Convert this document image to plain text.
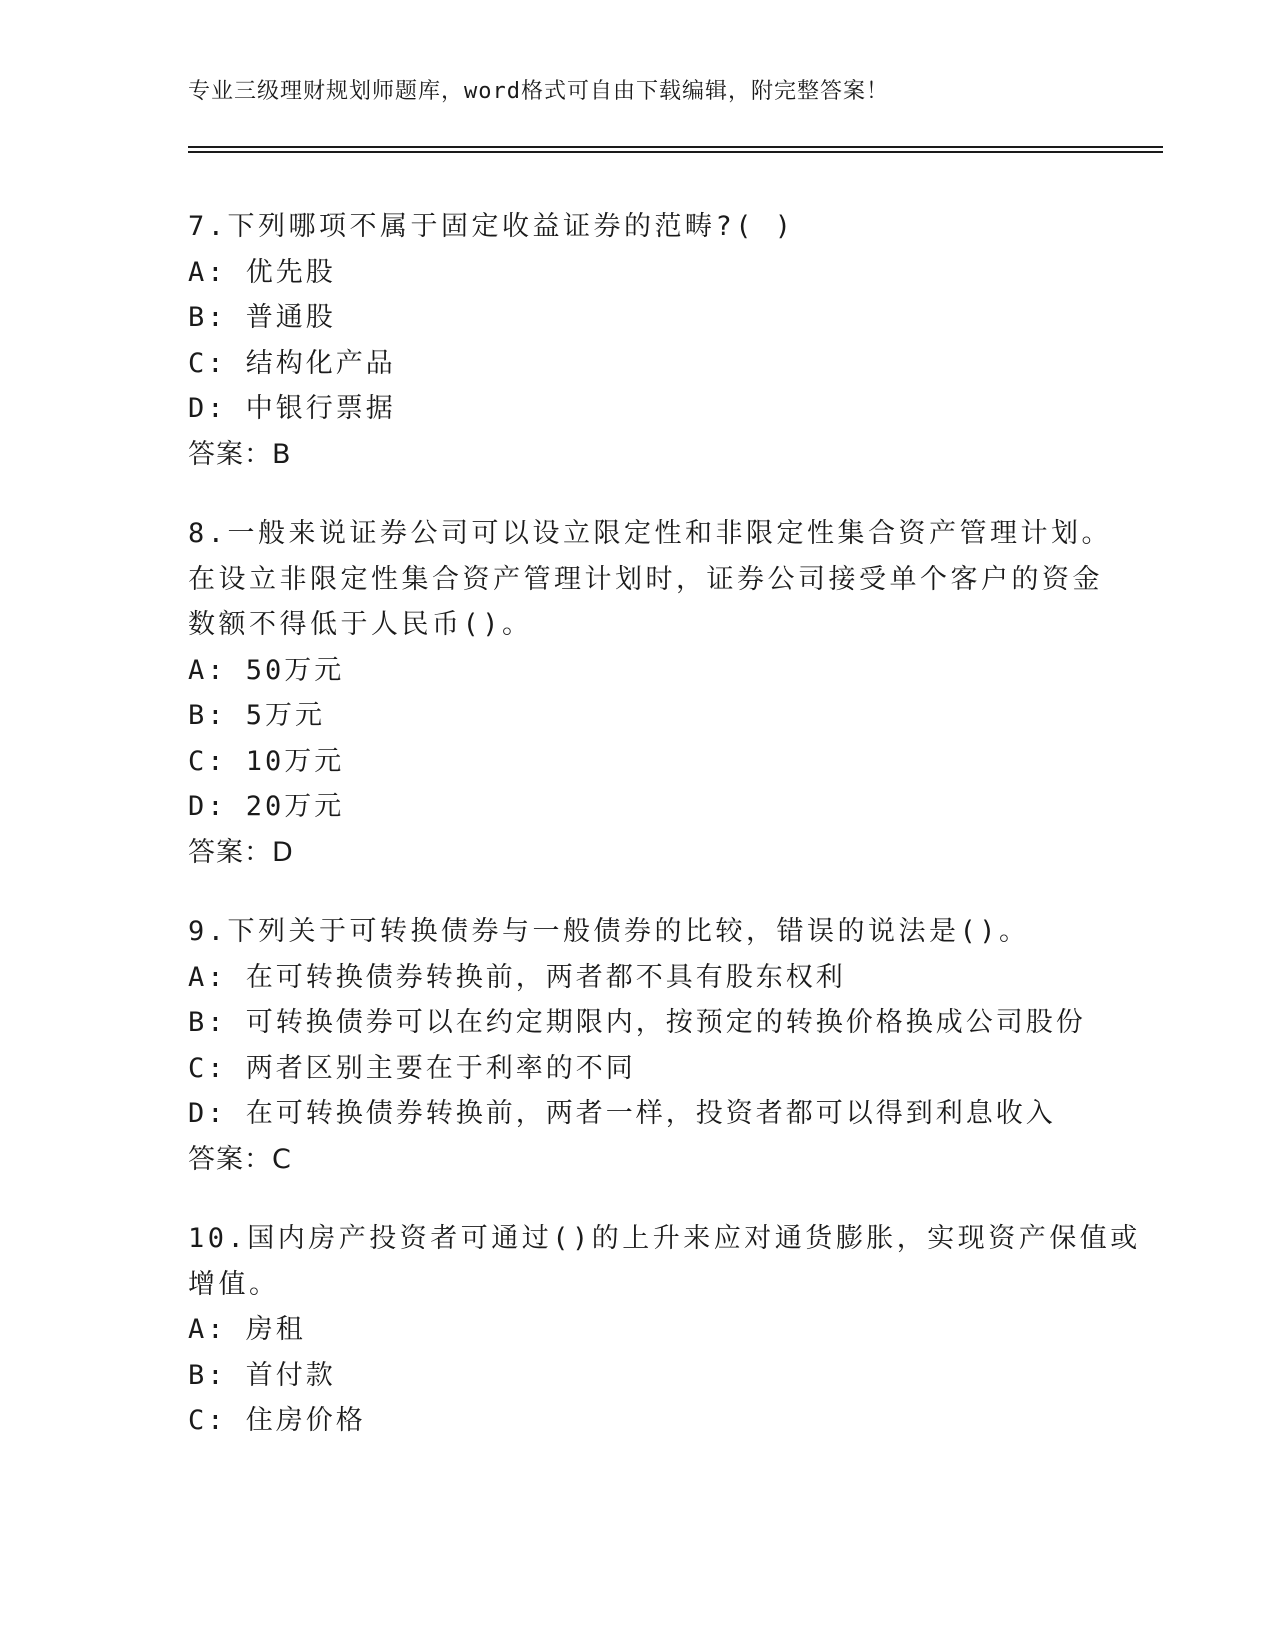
专业三级理财规划师题库，word格式可自由下载编辑，附完整答案！
7.下列哪项不属于固定收益证券的范畴?( )
A: 优先股
B: 普通股
C: 结构化产品
D: 中银行票据
答案：B
8.一般来说证券公司可以设立限定性和非限定性集合资产管理计划。
在设立非限定性集合资产管理计划时，证券公司接受单个客户的资金
数额不得低于人民币()。
A: 50万元
B: 5万元
C: 10万元
D: 20万元
答案：D
9.下列关于可转换债券与一般债券的比较，错误的说法是()。
A: 在可转换债券转换前，两者都不具有股东权利
B: 可转换债券可以在约定期限内，按预定的转换价格换成公司股份
C: 两者区别主要在于利率的不同
D: 在可转换债券转换前，两者一样，投资者都可以得到利息收入
答案：C
10.国内房产投资者可通过()的上升来应对通货膨胀，实现资产保值或
增值。
A: 房租
B: 首付款
C: 住房价格
